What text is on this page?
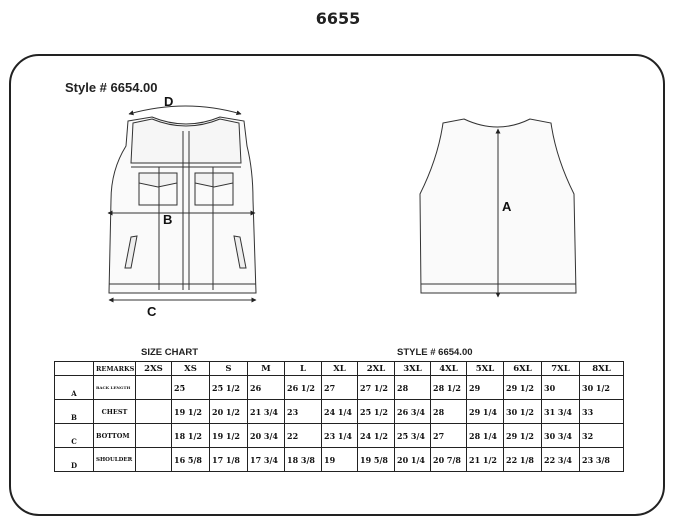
6655
Style # 6654.00
D
B
C
A
SIZE CHART	STYLE # 6654.00
	REMARKS	2XS	XS	S	M	L	XL	2XL	3XL	4XL	5XL	6XL	7XL	8XL
A	BACK LENGTH		25	25 1/2	26	26 1/2	27	27 1/2	28	28 1/2	29	29 1/2	30	30 1/2
B	CHEST		19 1/2	20 1/2	21 3/4	23	24 1/4	25 1/2	26 3/4	28	29 1/4	30 1/2	31 3/4	33
C	BOTTOM		18 1/2	19 1/2	20 3/4	22	23 1/4	24 1/2	25 3/4	27	28 1/4	29 1/2	30 3/4	32
D	SHOULDER		16 5/8	17 1/8	17 3/4	18 3/8	19	19 5/8	20 1/4	20 7/8	21 1/2	22 1/8	22 3/4	23 3/8
